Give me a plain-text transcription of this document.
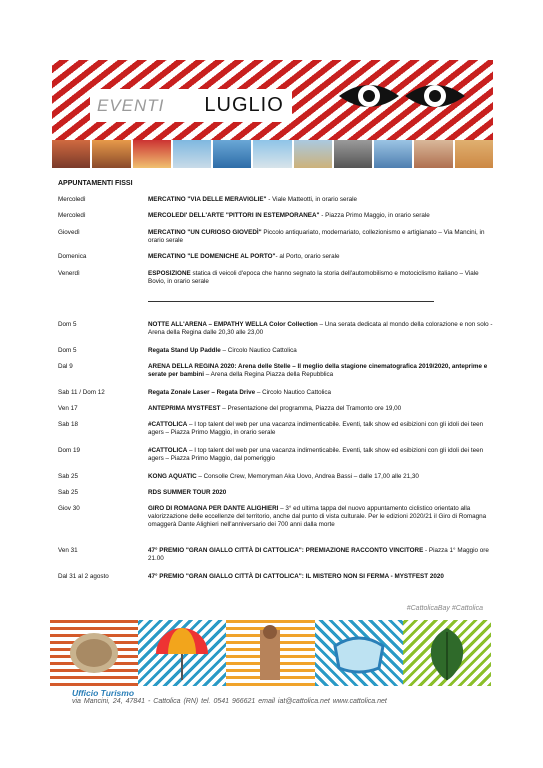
EVENTI LUGLIO
APPUNTAMENTI FISSI
Mercoledì	MERCATINO "VIA DELLE MERAVIGLIE" - Viale Matteotti, in orario serale
Mercoledì	MERCOLEDI' DELL'ARTE "PITTORI IN ESTEMPORANEA" - Piazza Primo Maggio, in orario serale
Giovedì	MERCATINO "UN CURIOSO GIOVEDÌ" Piccolo antiquariato, modernariato, collezionismo e artigianato – Via Mancini, in orario serale
Domenica	MERCATINO "LE DOMENICHE AL PORTO"- al Porto, orario serale
Venerdì	ESPOSIZIONE statica di veicoli d'epoca che hanno segnato la storia dell'automobilismo e motociclismo italiano – Viale Bovio, in orario serale
Dom 5	NOTTE ALL'ARENA – EMPATHY WELLA Color Collection – Una serata dedicata al mondo della colorazione e non solo - Arena della Regina dalle 20,30 alle 23,00
Dom 5	Regata Stand Up Paddle – Circolo Nautico Cattolica
Dal 9	ARENA DELLA REGINA 2020: Arena delle Stelle – Il meglio della stagione cinematografica 2019/2020, anteprime e serate per bambini – Arena della Regina Piazza della Repubblica
Sab 11 / Dom 12	Regata Zonale Laser – Regata Drive – Circolo Nautico Cattolica
Ven 17	ANTEPRIMA MYSTFEST – Presentazione del programma, Piazza del Tramonto ore 19,00
Sab 18	#CATTOLICA – I top talent del web per una vacanza indimenticabile. Eventi, talk show ed esibizioni con gli idoli dei teen agers – Piazza Primo Maggio, in orario serale
Dom 19	#CATTOLICA – I top talent del web per una vacanza indimenticabile. Eventi, talk show ed esibizioni con gli idoli dei teen agers – Piazza Primo Maggio, dal pomeriggio
Sab 25	KONG AQUATIC – Consolle Crew, Memoryman Aka Uovo, Andrea Bassi – dalle 17,00 alle 21,30
Sab 25	RDS SUMMER TOUR 2020
Giov 30	GIRO DI ROMAGNA PER DANTE ALIGHIERI – 3° ed ultima tappa del nuovo appuntamento ciclistico orientato alla valorizzazione delle eccellenze del territorio, anche dal punto di vista culturale. Per le edizioni 2020/21 il Giro di Romagna omaggerà Dante Alighieri nell'anniversario dei 700 anni dalla morte
Ven 31	47° PREMIO "GRAN GIALLO CITTÀ DI CATTOLICA": PREMIAZIONE RACCONTO VINCITORE - Piazza 1° Maggio ore 21.00
Dal 31 al 2 agosto	47° PREMIO "GRAN GIALLO CITTÀ DI CATTOLICA": IL MISTERO NON SI FERMA - MYSTFEST 2020
#CattolicaBay #Cattolica
Ufficio Turismo
via Mancini, 24, 47841 - Cattolica (RN) tel. 0541 966621 email iat@cattolica.net www.cattolica.net
